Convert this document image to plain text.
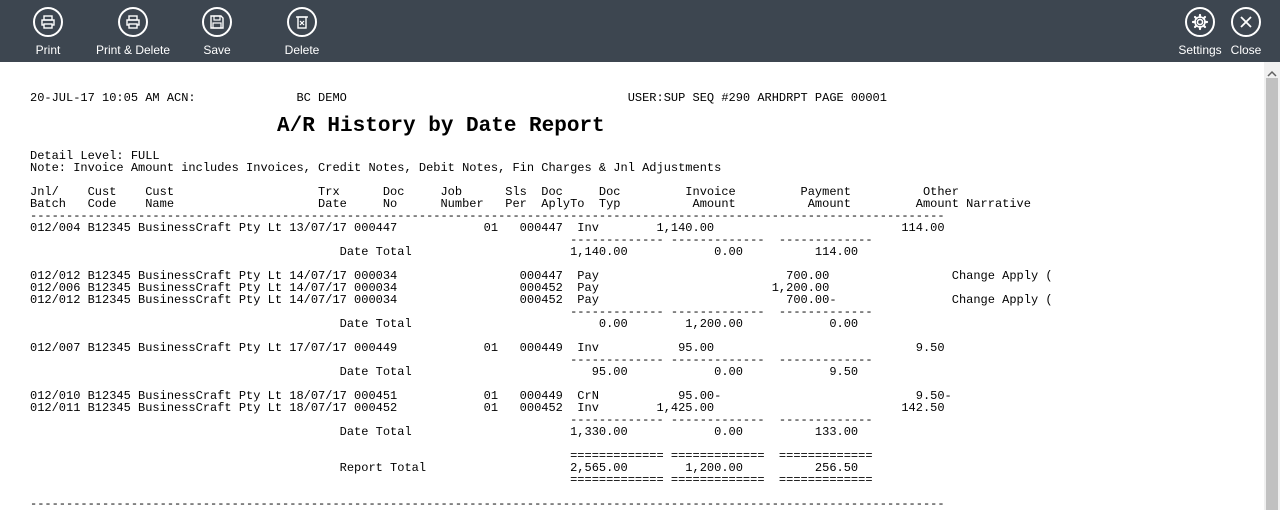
Print	Print & Delete	Save	Delete	Settings Close
20-JUL-17 10:05 AM ACN:              BC DEMO                                       USER:SUP SEQ #290 ARHDRPT PAGE 00001
A/R History by Date Report
Detail Level: FULL
Note: Invoice Amount includes Invoices, Credit Notes, Debit Notes, Fin Charges & Jnl Adjustments
Jnl/    Cust    Cust                    Trx      Doc     Job      Sls  Doc     Doc         Invoice         Payment          Other
Batch   Code    Name                    Date     No      Number   Per  AplyTo  Typ          Amount          Amount         Amount Narrative
-------------------------------------------------------------------------------------------------------------------------------
012/004 B12345 BusinessCraft Pty Lt 13/07/17 000447            01   000447  Inv        1,140.00                          114.00
------------- -------------  -------------
Date Total                      1,140.00            0.00          114.00
012/012 B12345 BusinessCraft Pty Lt 14/07/17 000034                 000447  Pay                          700.00                 Change Apply (
012/006 B12345 BusinessCraft Pty Lt 14/07/17 000034                 000452  Pay                        1,200.00
012/012 B12345 BusinessCraft Pty Lt 14/07/17 000034                 000452  Pay                          700.00-                Change Apply (
------------- -------------  -------------
Date Total                          0.00        1,200.00            0.00
012/007 B12345 BusinessCraft Pty Lt 17/07/17 000449            01   000449  Inv           95.00                            9.50
------------- -------------  -------------
Date Total                         95.00            0.00            9.50
012/010 B12345 BusinessCraft Pty Lt 18/07/17 000451            01   000449  CrN           95.00-                           9.50-
012/011 B12345 BusinessCraft Pty Lt 18/07/17 000452            01   000452  Inv        1,425.00                          142.50
------------- -------------  -------------
Date Total                      1,330.00            0.00          133.00
============= =============  =============
Report Total                    2,565.00        1,200.00          256.50
============= =============  =============
-------------------------------------------------------------------------------------------------------------------------------
